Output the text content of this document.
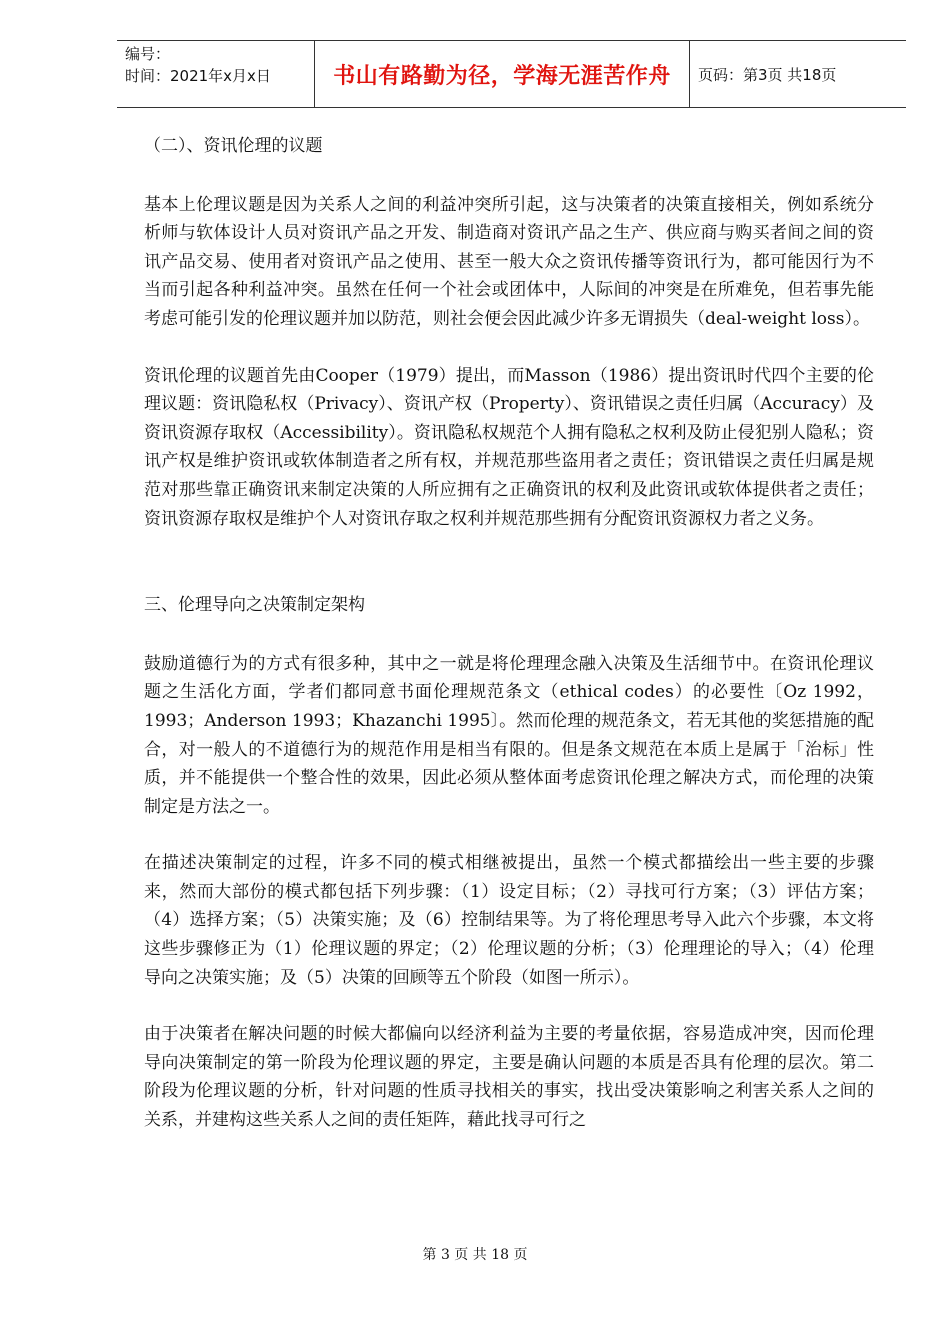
编号：
时间：2021年x月x日	书山有路勤为径，学海无涯苦作舟	页码：第3页 共18页
（二）、资讯伦理的议题

基本上伦理议题是因为关系人之间的利益冲突所引起，这与决策者的决策直接相关，例如系统分析师与软体设计人员对资讯产品之开发、制造商对资讯产品之生产、供应商与购买者间之间的资讯产品交易、使用者对资讯产品之使用、甚至一般大众之资讯传播等资讯行为，都可能因行为不当而引起各种利益冲突。虽然在任何一个社会或团体中，人际间的冲突是在所难免，但若事先能考虑可能引发的伦理议题并加以防范，则社会便会因此减少许多无谓损失（deal-weight loss）。

资讯伦理的议题首先由Cooper（1979）提出，而Masson（1986）提出资讯时代四个主要的伦理议题：资讯隐私权（Privacy）、资讯产权（Property）、资讯错误之责任归属（Accuracy）及资讯资源存取权（Accessibility）。资讯隐私权规范个人拥有隐私之权利及防止侵犯别人隐私；资讯产权是维护资讯或软体制造者之所有权，并规范那些盗用者之责任；资讯错误之责任归属是规范对那些靠正确资讯来制定决策的人所应拥有之正确资讯的权利及此资讯或软体提供者之责任；资讯资源存取权是维护个人对资讯存取之权利并规范那些拥有分配资讯资源权力者之义务。

三、伦理导向之决策制定架构

鼓励道德行为的方式有很多种，其中之一就是将伦理理念融入决策及生活细节中。在资讯伦理议题之生活化方面，学者们都同意书面伦理规范条文（ethical codes）的必要性〔Oz 1992，1993；Anderson 1993；Khazanchi 1995〕。然而伦理的规范条文，若无其他的奖惩措施的配合，对一般人的不道德行为的规范作用是相当有限的。但是条文规范在本质上是属于「治标」性质，并不能提供一个整合性的效果，因此必须从整体面考虑资讯伦理之解决方式，而伦理的决策制定是方法之一。

在描述决策制定的过程，许多不同的模式相继被提出，虽然一个模式都描绘出一些主要的步骤来，然而大部份的模式都包括下列步骤：（1）设定目标；（2）寻找可行方案；（3）评估方案；（4）选择方案；（5）决策实施；及（6）控制结果等。为了将伦理思考导入此六个步骤，本文将这些步骤修正为（1）伦理议题的界定；（2）伦理议题的分析；（3）伦理理论的导入；（4）伦理导向之决策实施；及（5）决策的回顾等五个阶段（如图一所示）。

由于决策者在解决问题的时候大都偏向以经济利益为主要的考量依据，容易造成冲突，因而伦理导向决策制定的第一阶段为伦理议题的界定，主要是确认问题的本质是否具有伦理的层次。第二阶段为伦理议题的分析，针对问题的性质寻找相关的事实，找出受决策影响之利害关系人之间的关系，并建构这些关系人之间的责任矩阵，藉此找寻可行之

第 3 页 共 18 页
